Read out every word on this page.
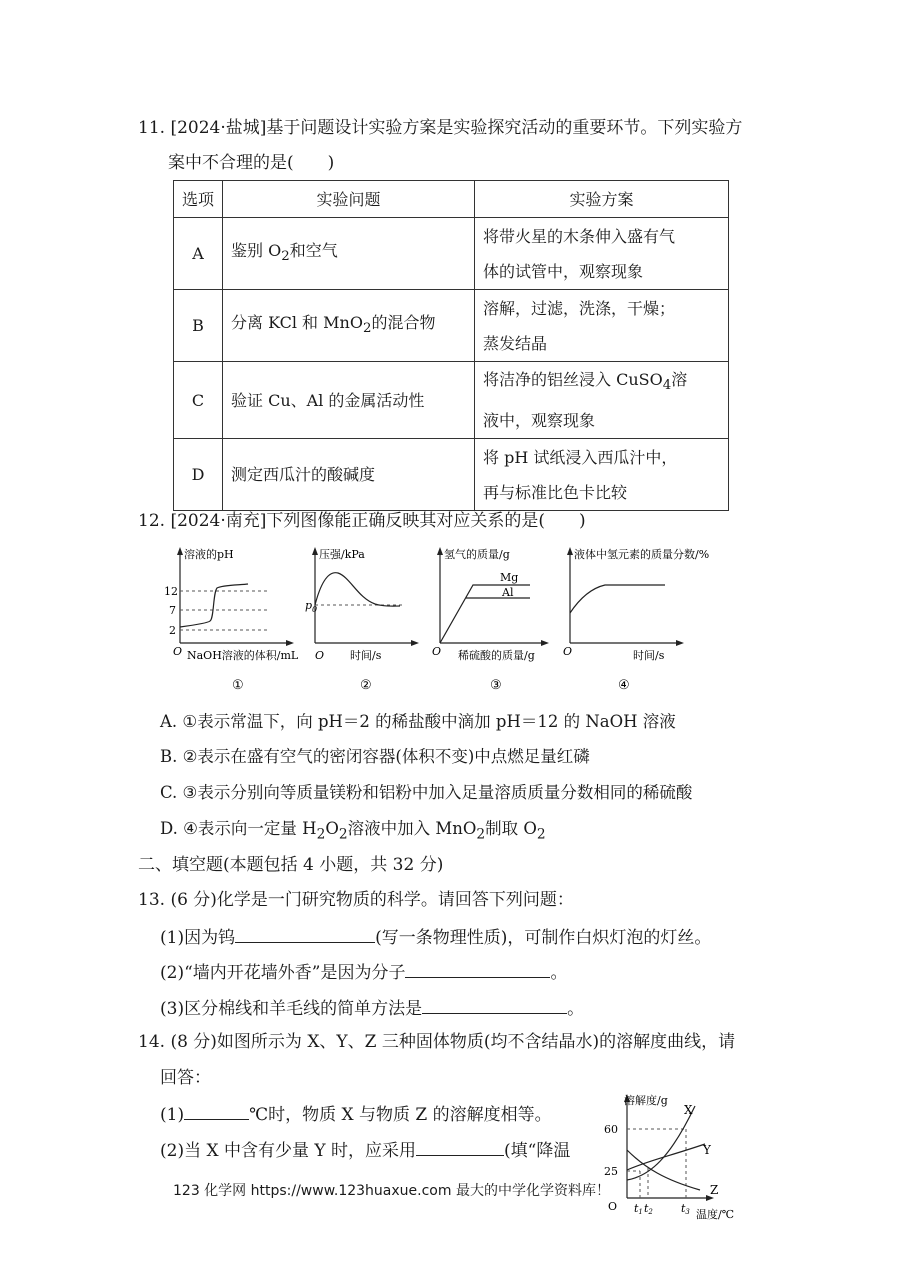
11. [2024·盐城]基于问题设计实验方案是实验探究活动的重要环节。下列实验方
案中不合理的是(　　)
选项	实验问题	实验方案
A	鉴别 $O_2$和空气	将带火星的木条伸入盛有气
体的试管中，观察现象

B	分离 KCl 和 MnO$_2$的混合物	溶解，过滤，洗涤，干燥；
蒸发结晶

C	验证 Cu、Al 的金属活动性	将洁净的铝丝浸入 CuSO$_4$溶
液中，观察现象

D	测定西瓜汁的酸碱度	将 pH 试纸浸入西瓜汁中，
再与标准比色卡比较
12. [2024·南充]下列图像能正确反映其对应关系的是(　　)
溶液的pH
NaOH溶液的体积/mL
O
12
7
2
①
压强/kPa
时间/s
O
$p_0$
②
氢气的质量/g
稀硫酸的质量/g
O
Mg
Al
③
液体中氢元素的质量分数/%
时间/s
O
④
A. ①表示常温下，向 pH＝2 的稀盐酸中滴加 pH＝12 的 NaOH 溶液
B. ②表示在盛有空气的密闭容器(体积不变)中点燃足量红磷
C. ③表示分别向等质量镁粉和铝粉中加入足量溶质质量分数相同的稀硫酸
D. ④表示向一定量 $H_2O_2$溶液中加入 MnO$_2$制取 $O_2$
二、填空题(本题包括 4 小题，共 32 分)
13. (6 分)化学是一门研究物质的科学。请回答下列问题：
(1)因为钨	(写一条物理性质)，可制作白炽灯泡的灯丝。
(2)“墙内开花墙外香”是因为分子	。
(3)区分棉线和羊毛线的简单方法是	。
14. (8 分)如图所示为 X、Y、Z 三种固体物质(均不含结晶水)的溶解度曲线，请
回答：
(1)	℃时，物质 X 与物质 Z 的溶解度相等。
(2)当 X 中含有少量 Y 时，应采用	(填“降温
溶解度/g
温度/℃
O
60
25
X
Y
Z
t1 t2	t3
123 化学网 https://www.123huaxue.com 最大的中学化学资料库！
